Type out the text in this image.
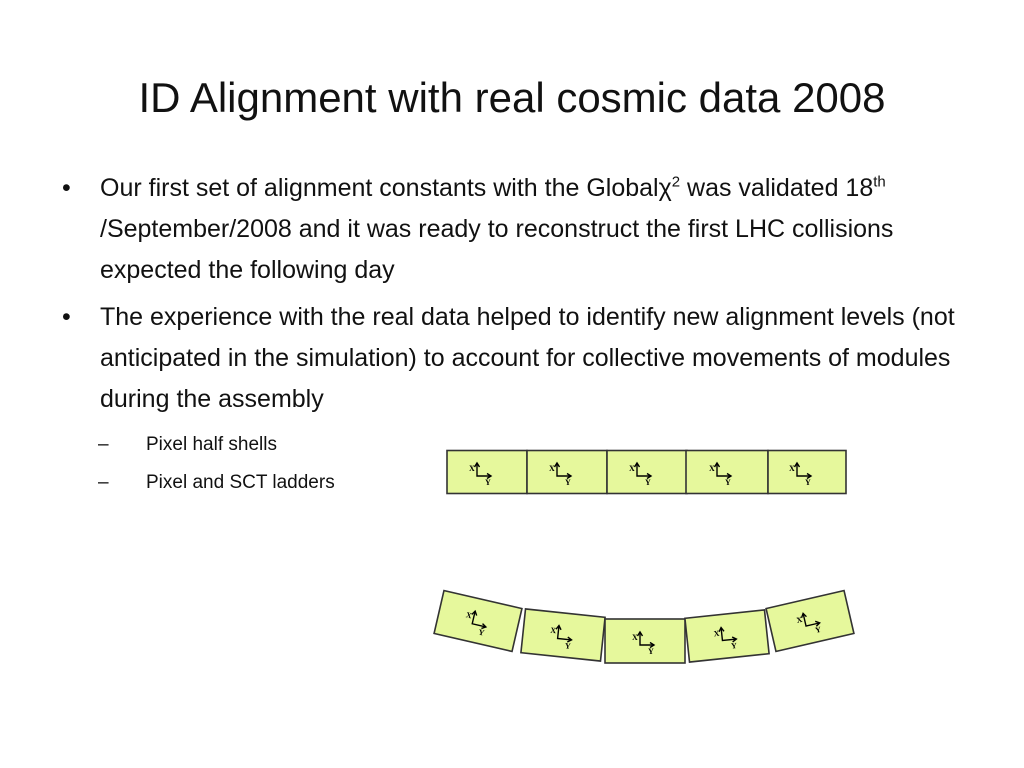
ID Alignment with real cosmic data 2008
• Our first set of alignment constants with the Globalχ$^2$ was validated 18th /September/2008 and it was ready to reconstruct the first LHC collisions expected the following day
• The experience with the real data helped to identify new alignment levels (not anticipated in the simulation) to account for collective movements of modules during the assembly
– Pixel half shells
– Pixel and SCT ladders
X
Y
X
Y
X
Y
X
Y
X
Y
X
Y	X
Y
X
Y
X
Y
X
Y
